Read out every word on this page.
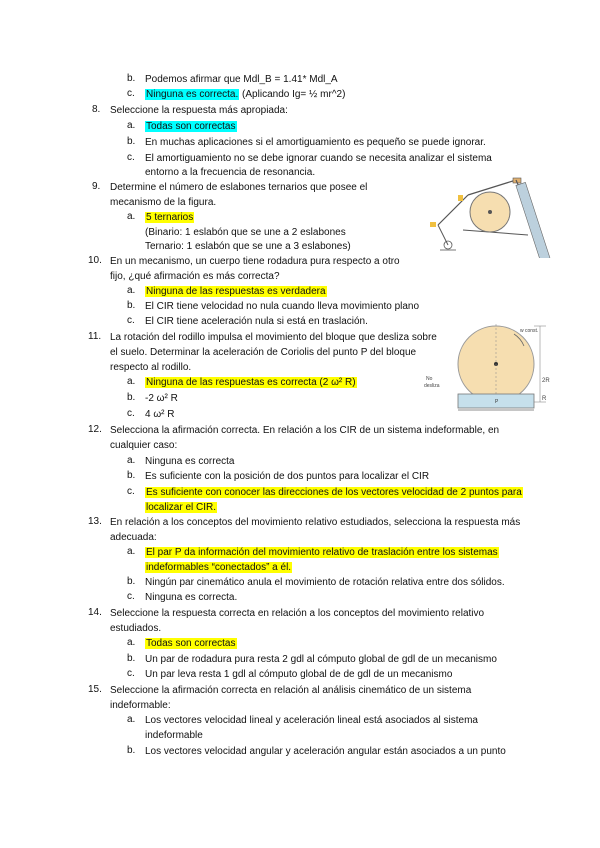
b. Podemos afirmar que Mdl_B = 1.41* Mdl_A
c. Ninguna es correcta. (Aplicando Ig= ½ mr^2)
8. Seleccione la respuesta más apropiada:
a. Todas son correctas
b. En muchas aplicaciones si el amortiguamiento es pequeño se puede ignorar.
c. El amortiguamiento no se debe ignorar cuando se necesita analizar el sistema
entorno a la frecuencia de resonancia.
9. Determine el número de eslabones ternarios que posee el
mecanismo de la figura.
a. 5 ternarios
(Binario: 1 eslabón que se une a 2 eslabones
Ternario: 1 eslabón que se une a 3 eslabones)
10. En un mecanismo, un cuerpo tiene rodadura pura respecto a otro
fijo, ¿qué afirmación es más correcta?
a. Ninguna de las respuestas es verdadera
b. El CIR tiene velocidad no nula cuando lleva movimiento plano
c. El CIR tiene aceleración nula si está en traslación.
11. La rotación del rodillo impulsa el movimiento del bloque que desliza sobre
el suelo. Determinar la aceleración de Coriolis del punto P del bloque
respecto al rodillo.
a. Ninguna de las respuestas es correcta (2 ω² R)
b. -2 ω² R
c. 4 ω² R
w const.
2R
R
No
desliza
P
12. Selecciona la afirmación correcta. En relación a los CIR de un sistema indeformable, en
cualquier caso:
a. Ninguna es correcta
b. Es suficiente con la posición de dos puntos para localizar el CIR
c. Es suficiente con conocer las direcciones de los vectores velocidad de 2 puntos para
localizar el CIR.
13. En relación a los conceptos del movimiento relativo estudiados, selecciona la respuesta más
adecuada:
a. El par P da información del movimiento relativo de traslación entre los sistemas
indeformables “conectados” a él.
b. Ningún par cinemático anula el movimiento de rotación relativa entre dos sólidos.
c. Ninguna es correcta.
14. Seleccione la respuesta correcta en relación a los conceptos del movimiento relativo
estudiados.
a. Todas son correctas
b. Un par de rodadura pura resta 2 gdl al cómputo global de gdl de un mecanismo
c. Un par leva resta 1 gdl al cómputo global de de gdl de un mecanismo
15. Seleccione la afirmación correcta en relación al análisis cinemático de un sistema
indeformable:
a. Los vectores velocidad lineal y aceleración lineal está asociados al sistema
indeformable
b. Los vectores velocidad angular y aceleración angular están asociados a un punto
